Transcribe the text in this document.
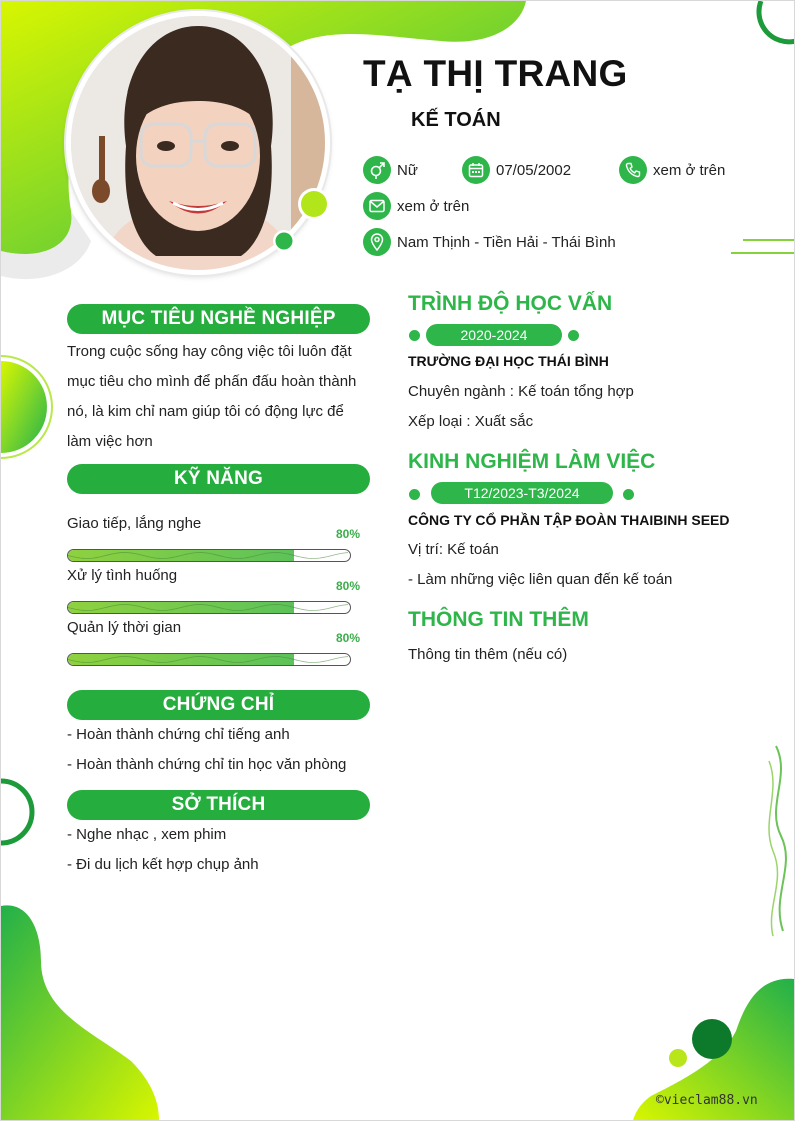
TẠ THỊ TRANG
KẾ TOÁN
Nữ	07/05/2002	xem ở trên
xem ở trên
Nam Thịnh - Tiền Hải - Thái Bình
MỤC TIÊU NGHỀ NGHIỆP
Trong cuộc sống hay công việc tôi luôn đặt mục tiêu cho mình để phấn đấu hoàn thành nó, là kim chỉ nam giúp tôi có động lực để làm việc hơn
KỸ NĂNG
Giao tiếp, lắng nghe
80%
Xử lý tình huống
80%
Quản lý thời gian
80%
CHỨNG CHỈ
- Hoàn thành chứng chỉ tiếng anh
- Hoàn thành chứng chỉ tin học văn phòng
SỞ THÍCH
- Nghe nhạc , xem phim
- Đi du lịch kết hợp chụp ảnh
TRÌNH ĐỘ HỌC VẤN
2020-2024
TRƯỜNG ĐẠI HỌC THÁI BÌNH
Chuyên ngành : Kế toán tổng hợp
Xếp loại : Xuất sắc
KINH NGHIỆM LÀM VIỆC
T12/2023-T3/2024
CÔNG TY CỔ PHẦN TẬP ĐOÀN THAIBINH SEED
Vị trí: Kế toán
- Làm những việc liên quan đến kế toán
THÔNG TIN THÊM
Thông tin thêm (nếu có)
©vieclam88.vn
